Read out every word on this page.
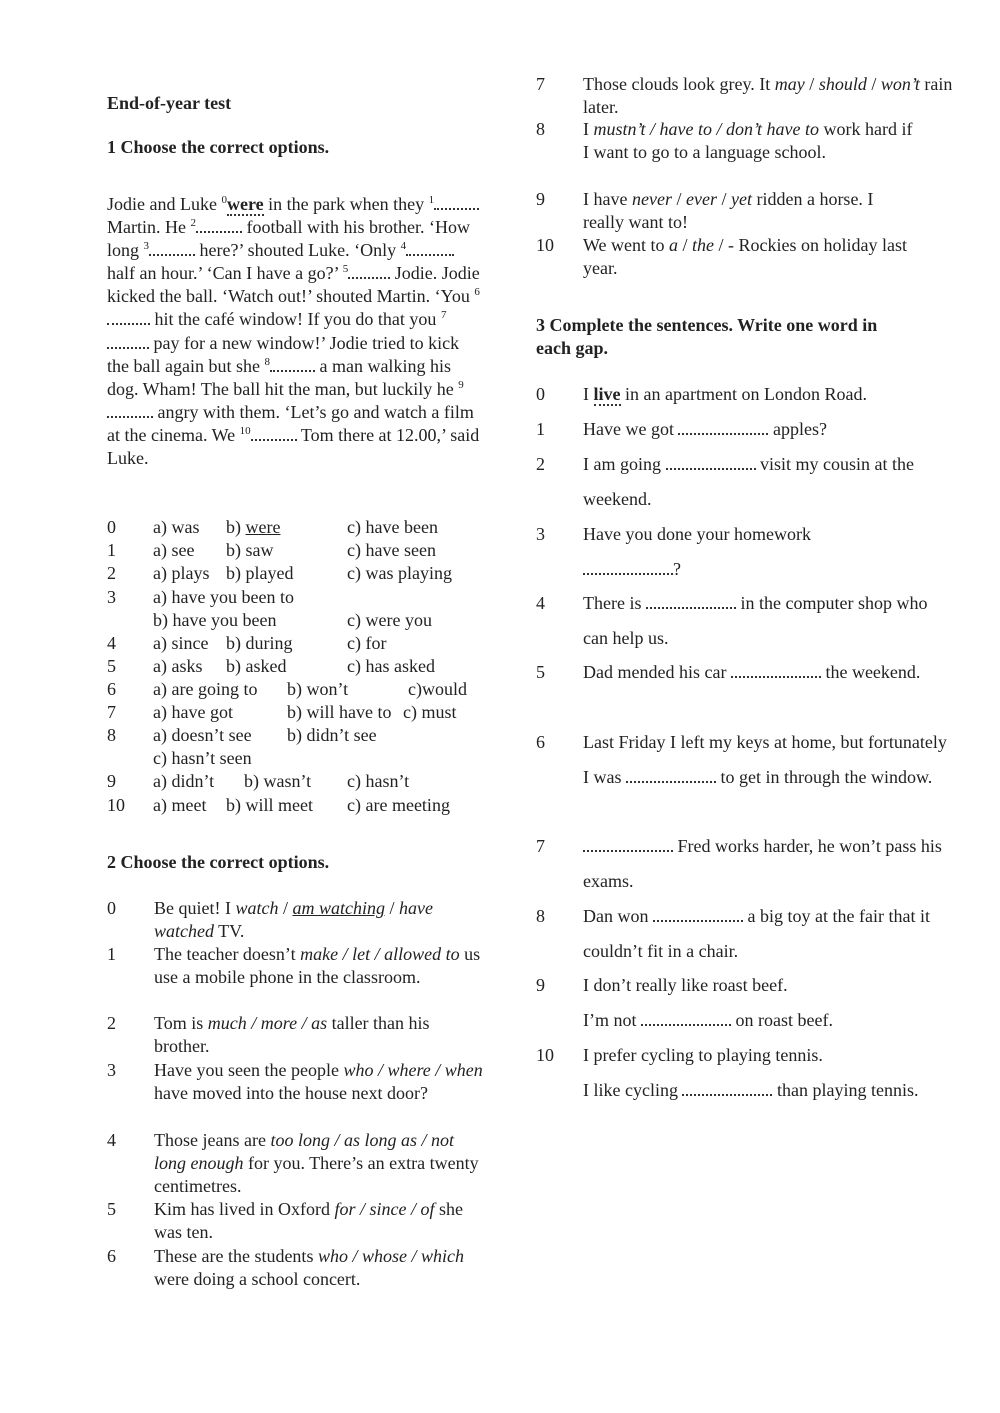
End-of-year test
1 Choose the correct options.
Jodie and Luke $^0$were in the park when they $^1$ Martin. He $^2$	football with his brother. ‘How long $^3$	here?’ shouted Luke. ‘Only $^4$half an hour.’ ‘Can I have a go?’ $^5$ Jodie. Jodie kicked the ball. ‘Watch out!’ shouted Martin. ‘You $^6$ hit the café window! If you do that you $^7$ pay for a new window!’ Jodie tried to kick the ball again but she $^8$	a man walking his dog. Wham! The ball hit the man, but luckily he $^9$ angry with them. ‘Let’s go and watch a film at the cinema. We $^{10}$	Tom there at 12.00,’ said Luke.
0 a) was b) were	c) have been
1 a) see b) saw	c) have seen
2 a) plays b) played	c) was playing
3 a) have you been to
b) have you been	c) were you
4 a) since b) during	c) for
5 a) asks b) asked	c) has asked
6 a) are going to b) won’t	c)would
7 a) have got	b) will have to c) must
8 a) doesn’t see b) didn’t see
c) hasn’t seen
9 a) didn’t b) wasn’t c) hasn’t
10 a) meet b) will meet c) are meeting
2 Choose the correct options.
0 Be quiet! I watch / am watching / have watched TV.
1 The teacher doesn’t make / let / allowed to us use a mobile phone in the classroom.
2 Tom is much / more / as taller than his brother.
3 Have you seen the people who / where / when have moved into the house next door?
4 Those jeans are too long / as long as / not long enough for you. There’s an extra twenty centimetres.
5 Kim has lived in Oxford for / since / of she was ten.
6 These are the students who / whose / which were doing a school concert.
7 Those clouds look grey. It may / should / won’t rain later.
8 I mustn’t / have to / don’t have to work hard if I want to go to a language school.
9 I have never / ever / yet ridden a horse. I really want to!
10 We went to a / the / - Rockies on holiday last year.
3 Complete the sentences. Write one word in each gap.
0 I live in an apartment on London Road.
1 Have we got	apples?
2 I am going	visit my cousin at the weekend.
3 Have you done your homework
?
4 There is	in the computer shop who can help us.
5 Dad mended his car	the weekend.
6 Last Friday I left my keys at home, but fortunately I was	to get in through the window.
7	Fred works harder, he won’t pass his exams.
8 Dan won	a big toy at the fair that it couldn’t fit in a chair.
9 I don’t really like roast beef.
I’m not	on roast beef.
10 I prefer cycling to playing tennis.
I like cycling	than playing tennis.
